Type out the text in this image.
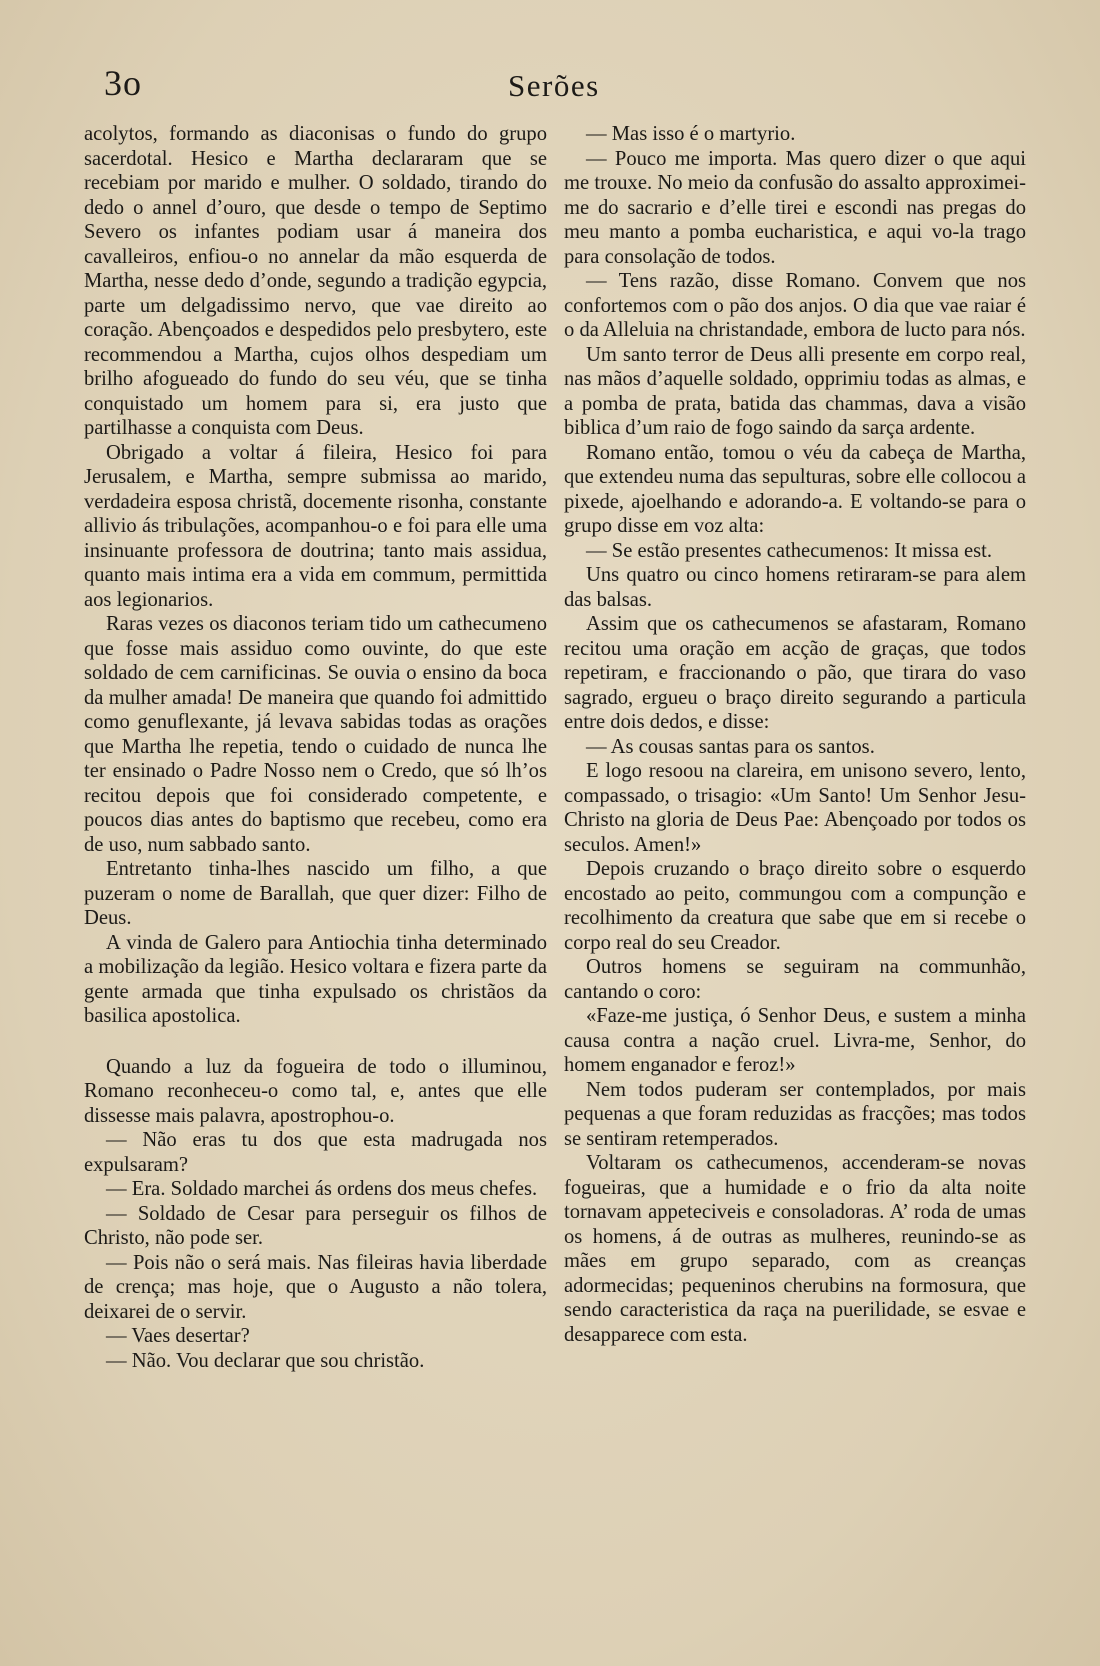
3o	Serões

acolytos, formando as diaconisas o fundo do grupo sacerdotal. Hesico e Martha declararam que se recebiam por marido e mulher. O soldado, tirando do dedo o annel d’ouro, que desde o tempo de Septimo Severo os infantes podiam usar á maneira dos cavalleiros, enfiou-o no annelar da mão esquerda de Martha, nesse dedo d’onde, segundo a tradição egypcia, parte um delgadissimo nervo, que vae direito ao coração. Abençoados e despedidos pelo presbytero, este recommendou a Martha, cujos olhos despediam um brilho afogueado do fundo do seu véu, que se tinha conquistado um homem para si, era justo que partilhasse a conquista com Deus.

Obrigado a voltar á fileira, Hesico foi para Jerusalem, e Martha, sempre submissa ao marido, verdadeira esposa christã, docemente risonha, constante allivio ás tribulações, acompanhou-o e foi para elle uma insinuante professora de doutrina; tanto mais assidua, quanto mais intima era a vida em commum, permittida aos legionarios.

Raras vezes os diaconos teriam tido um cathecumeno que fosse mais assiduo como ouvinte, do que este soldado de cem carnificinas. Se ouvia o ensino da boca da mulher amada! De maneira que quando foi admittido como genuflexante, já levava sabidas todas as orações que Martha lhe repetia, tendo o cuidado de nunca lhe ter ensinado o Padre Nosso nem o Credo, que só lh’os recitou depois que foi considerado competente, e poucos dias antes do baptismo que recebeu, como era de uso, num sabbado santo.

Entretanto tinha-lhes nascido um filho, a que puzeram o nome de Barallah, que quer dizer: Filho de Deus.

A vinda de Galero para Antiochia tinha determinado a mobilização da legião. Hesico voltara e fizera parte da gente armada que tinha expulsado os christãos da basilica apostolica.

Quando a luz da fogueira de todo o illuminou, Romano reconheceu-o como tal, e, antes que elle dissesse mais palavra, apostrophou-o.

— Não eras tu dos que esta madrugada nos expulsaram?

— Era. Soldado marchei ás ordens dos meus chefes.

— Soldado de Cesar para perseguir os filhos de Christo, não pode ser.

— Pois não o será mais. Nas fileiras havia liberdade de crença; mas hoje, que o Augusto a não tolera, deixarei de o servir.

— Vaes desertar?

— Não. Vou declarar que sou christão.

— Mas isso é o martyrio.

— Pouco me importa. Mas quero dizer o que aqui me trouxe. No meio da confusão do assalto approximei-me do sacrario e d’elle tirei e escondi nas pregas do meu manto a pomba eucharistica, e aqui vo-la trago para consolação de todos.

— Tens razão, disse Romano. Convem que nos confortemos com o pão dos anjos. O dia que vae raiar é o da Alleluia na christandade, embora de lucto para nós.

Um santo terror de Deus alli presente em corpo real, nas mãos d’aquelle soldado, opprimiu todas as almas, e a pomba de prata, batida das chammas, dava a visão biblica d’um raio de fogo saindo da sarça ardente.

Romano então, tomou o véu da cabeça de Martha, que extendeu numa das sepulturas, sobre elle collocou a pixede, ajoelhando e adorando-a. E voltando-se para o grupo disse em voz alta:

— Se estão presentes cathecumenos: It missa est.

Uns quatro ou cinco homens retiraram-se para alem das balsas.

Assim que os cathecumenos se afastaram, Romano recitou uma oração em acção de graças, que todos repetiram, e fraccionando o pão, que tirara do vaso sagrado, ergueu o braço direito segurando a particula entre dois dedos, e disse:

— As cousas santas para os santos.

E logo resoou na clareira, em unisono severo, lento, compassado, o trisagio: «Um Santo! Um Senhor Jesu-Christo na gloria de Deus Pae: Abençoado por todos os seculos. Amen!»

Depois cruzando o braço direito sobre o esquerdo encostado ao peito, commungou com a compunção e recolhimento da creatura que sabe que em si recebe o corpo real do seu Creador.

Outros homens se seguiram na communhão, cantando o coro:

«Faze-me justiça, ó Senhor Deus, e sustem a minha causa contra a nação cruel. Livra-me, Senhor, do homem enganador e feroz!»

Nem todos puderam ser contemplados, por mais pequenas a que foram reduzidas as fracções; mas todos se sentiram retemperados.

Voltaram os cathecumenos, accenderam-se novas fogueiras, que a humidade e o frio da alta noite tornavam appeteciveis e consoladoras. A’ roda de umas os homens, á de outras as mulheres, reunindo-se as mães em grupo separado, com as creanças adormecidas; pequeninos cherubins na formosura, que sendo caracteristica da raça na puerilidade, se esvae e desapparece com esta.
